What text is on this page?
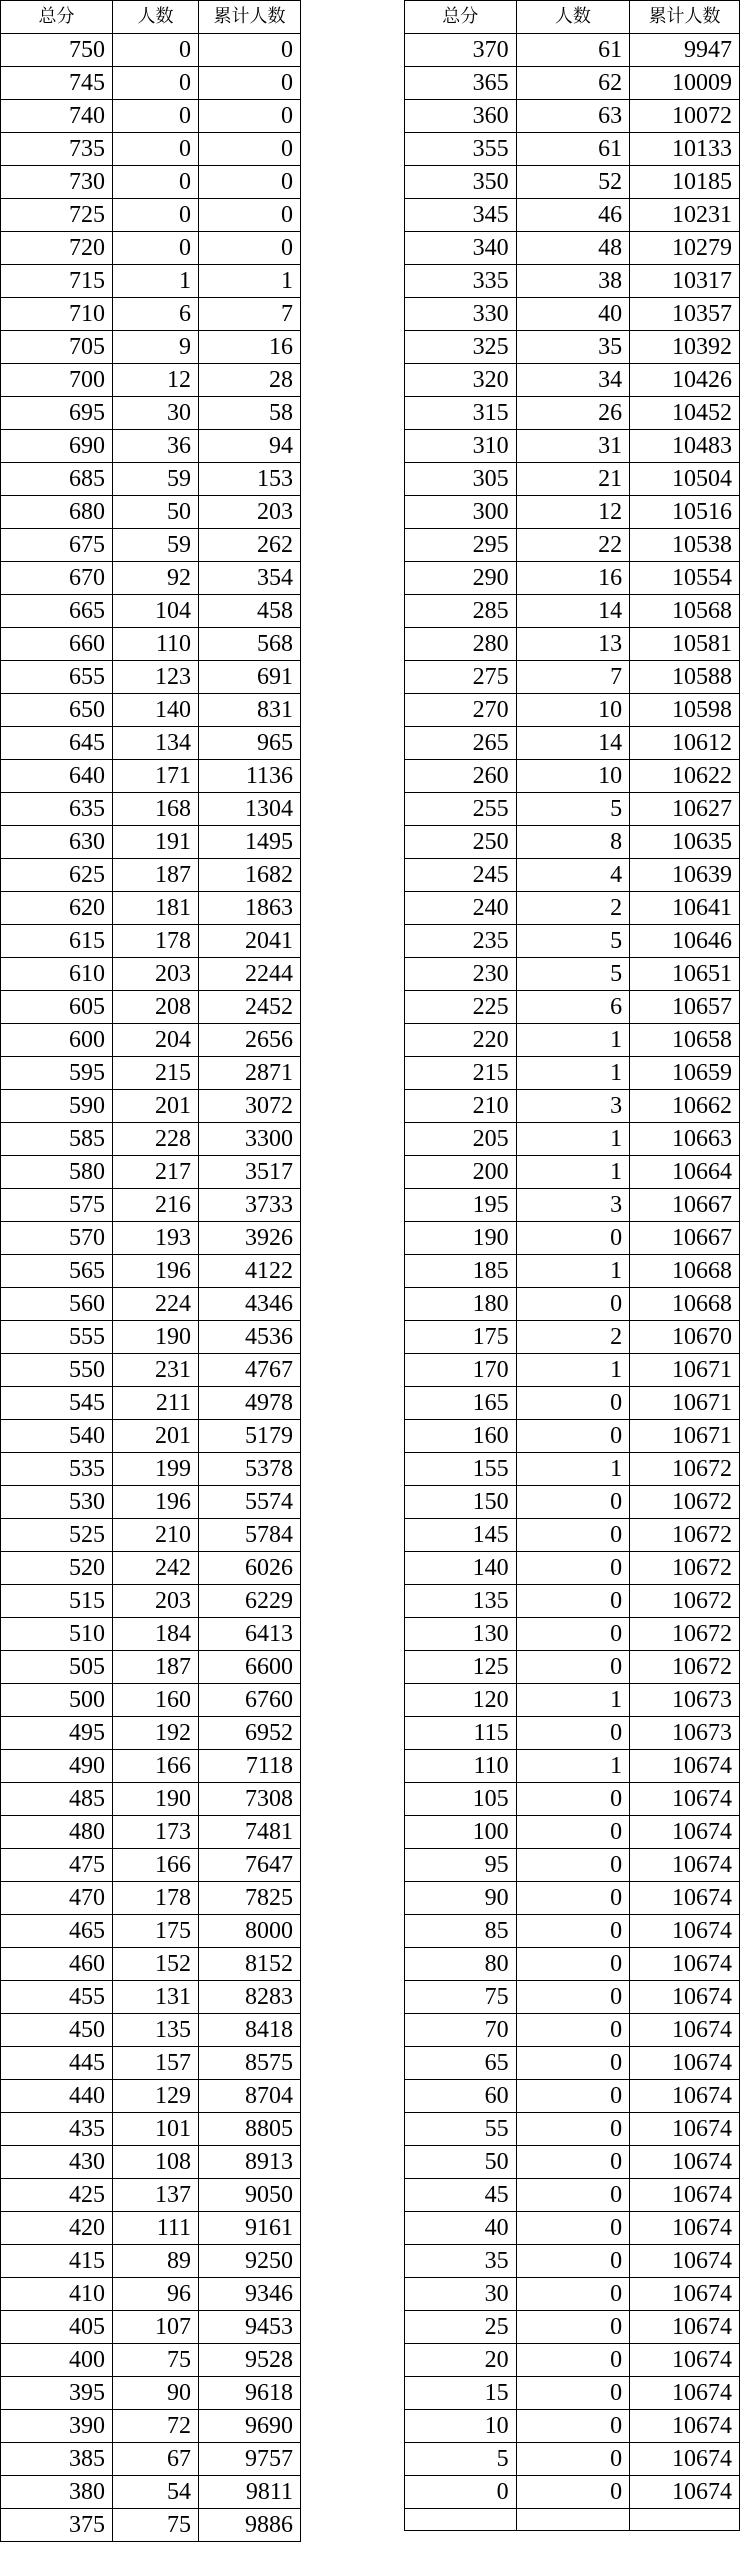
总分	人数	累计人数
750	0	0
745	0	0
740	0	0
735	0	0
730	0	0
725	0	0
720	0	0
715	1	1
710	6	7
705	9	16
700	12	28
695	30	58
690	36	94
685	59	153
680	50	203
675	59	262
670	92	354
665	104	458
660	110	568
655	123	691
650	140	831
645	134	965
640	171	1136
635	168	1304
630	191	1495
625	187	1682
620	181	1863
615	178	2041
610	203	2244
605	208	2452
600	204	2656
595	215	2871
590	201	3072
585	228	3300
580	217	3517
575	216	3733
570	193	3926
565	196	4122
560	224	4346
555	190	4536
550	231	4767
545	211	4978
540	201	5179
535	199	5378
530	196	5574
525	210	5784
520	242	6026
515	203	6229
510	184	6413
505	187	6600
500	160	6760
495	192	6952
490	166	7118
485	190	7308
480	173	7481
475	166	7647
470	178	7825
465	175	8000
460	152	8152
455	131	8283
450	135	8418
445	157	8575
440	129	8704
435	101	8805
430	108	8913
425	137	9050
420	111	9161
415	89	9250
410	96	9346
405	107	9453
400	75	9528
395	90	9618
390	72	9690
385	67	9757
380	54	9811
375	75	9886
总分	人数	累计人数
370	61	9947
365	62	10009
360	63	10072
355	61	10133
350	52	10185
345	46	10231
340	48	10279
335	38	10317
330	40	10357
325	35	10392
320	34	10426
315	26	10452
310	31	10483
305	21	10504
300	12	10516
295	22	10538
290	16	10554
285	14	10568
280	13	10581
275	7	10588
270	10	10598
265	14	10612
260	10	10622
255	5	10627
250	8	10635
245	4	10639
240	2	10641
235	5	10646
230	5	10651
225	6	10657
220	1	10658
215	1	10659
210	3	10662
205	1	10663
200	1	10664
195	3	10667
190	0	10667
185	1	10668
180	0	10668
175	2	10670
170	1	10671
165	0	10671
160	0	10671
155	1	10672
150	0	10672
145	0	10672
140	0	10672
135	0	10672
130	0	10672
125	0	10672
120	1	10673
115	0	10673
110	1	10674
105	0	10674
100	0	10674
95	0	10674
90	0	10674
85	0	10674
80	0	10674
75	0	10674
70	0	10674
65	0	10674
60	0	10674
55	0	10674
50	0	10674
45	0	10674
40	0	10674
35	0	10674
30	0	10674
25	0	10674
20	0	10674
15	0	10674
10	0	10674
5	0	10674
0	0	10674
